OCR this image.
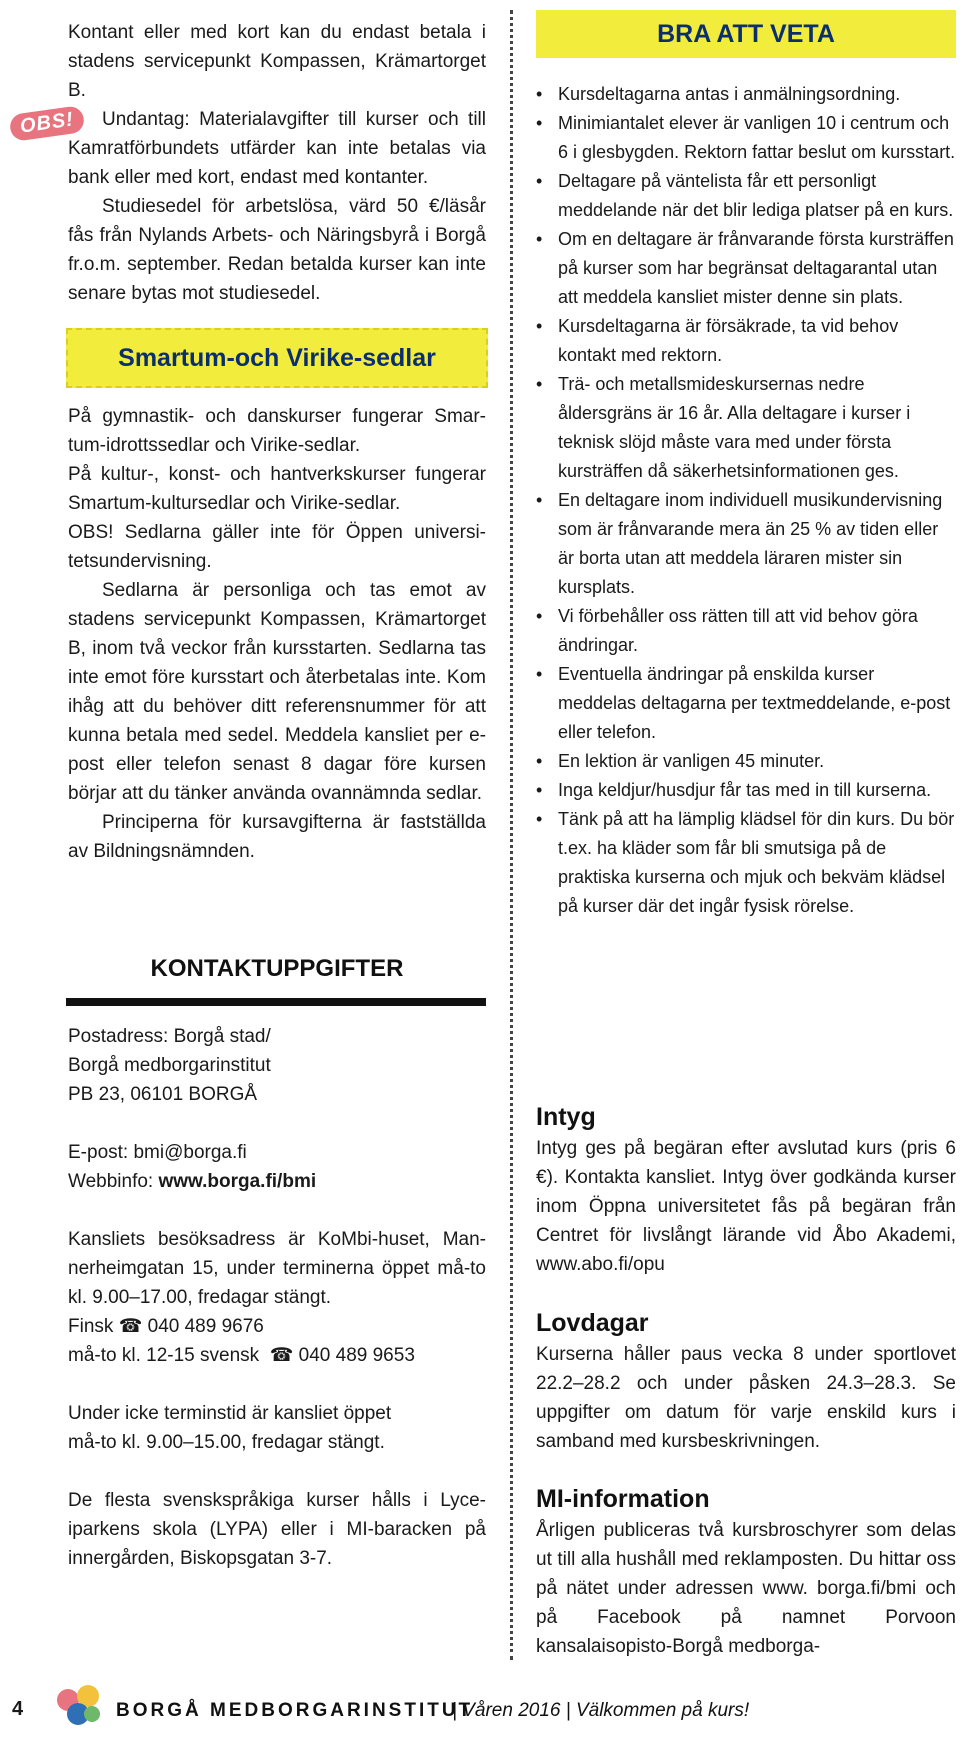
OBS!

Kontant eller med kort kan du endast betala i stadens servicepunkt Kompassen, Krämartorget B.

Undantag: Materialavgifter till kurser och till Kamratförbundets utfärder kan inte betalas via bank eller med kort, endast med kontanter.

Studiesedel för arbetslösa, värd 50 €/läsår fås från Nylands Arbets- och Näringsbyrå i Borgå fr.o.m. september. Redan betalda kurser kan inte senare bytas mot studiesedel.

Smartum-och Virike-sedlar

På gymnastik- och danskurser fungerar Smartum-idrottssedlar och Virike-sedlar.

På kultur-, konst- och hantverkskurser fungerar Smartum-kultursedlar och Virike-sedlar.

OBS! Sedlarna gäller inte för Öppen universitetsundervisning.

Sedlarna är personliga och tas emot av stadens servicepunkt Kompassen, Krämartorget B, inom två veckor från kursstarten. Sedlarna tas inte emot före kursstart och återbetalas inte. Kom ihåg att du behöver ditt referensnummer för att kunna betala med sedel. Meddela kansliet per e-post eller telefon senast 8 dagar före kursen börjar att du tänker använda ovannämnda sedlar.

Principerna för kursavgifterna är fastställda av Bildningsnämnden.

KONTAKTUPPGIFTER

Postadress: Borgå stad/

Borgå medborgarinstitut

PB 23, 06101 BORGÅ

E-post: bmi@borga.fi

Webbinfo: www.borga.fi/bmi

Kansliets besöksadress är KoMbi-huset, Mannerheimgatan 15, under terminerna öppet må-to kl. 9.00–17.00, fredagar stängt.

Finsk ☎ 040 489 9676

må-to kl. 12-15 svensk ☎ 040 489 9653

Under icke terminstid är kansliet öppet

må-to kl. 9.00–15.00, fredagar stängt.

De flesta svenskspråkiga kurser hålls i Lyceiparkens skola (LYPA) eller i MI-baracken på innergården, Biskopsgatan 3-7.

BRA ATT VETA
• Kursdeltagarna antas i anmälningsordning.
• Minimiantalet elever är vanligen 10 i centrum och 6 i glesbygden. Rektorn fattar beslut om kursstart.
• Deltagare på väntelista får ett personligt meddelande när det blir lediga platser på en kurs.
• Om en deltagare är frånvarande första kursträffen på kurser som har begränsat deltagarantal utan att meddela kansliet mister denne sin plats.
• Kursdeltagarna är försäkrade, ta vid behov kontakt med rektorn.
• Trä- och metallsmideskursernas nedre åldersgräns är 16 år. Alla deltagare i kurser i teknisk slöjd måste vara med under första kursträffen då säkerhetsinformationen ges.
• En deltagare inom individuell musikundervisning som är frånvarande mera än 25 % av tiden eller är borta utan att meddela läraren mister sin kursplats.
• Vi förbehåller oss rätten till att vid behov göra ändringar.
• Eventuella ändringar på enskilda kurser meddelas deltagarna per textmeddelande, e-post eller telefon.
• En lektion är vanligen 45 minuter.
• Inga keldjur/husdjur får tas med in till kurserna.
• Tänk på att ha lämplig klädsel för din kurs. Du bör t.ex. ha kläder som får bli smutsiga på de praktiska kurserna och mjuk och bekväm klädsel på kurser där det ingår fysisk rörelse.
Intyg

Intyg ges på begäran efter avslutad kurs (pris 6 €). Kontakta kansliet. Intyg över godkända kurser inom Öppna universitetet fås på begäran från Centret för livslångt lärande vid Åbo Akademi, www.abo.fi/opu

Lovdagar

Kurserna håller paus vecka 8 under sportlovet 22.2–28.2 och under påsken 24.3–28.3. Se uppgifter om datum för varje enskild kurs i samband med kursbeskrivningen.

MI-information

Årligen publiceras två kursbroschyrer som delas ut till alla hushåll med reklamposten. Du hittar oss på nätet under adressen www. borga.fi/bmi och på Facebook på namnet Porvoon kansalaisopisto-Borgå medborga-

4	BORGÅ MEDBORGARINSTITUT
| Våren 2016 | Välkommen på kurs!
